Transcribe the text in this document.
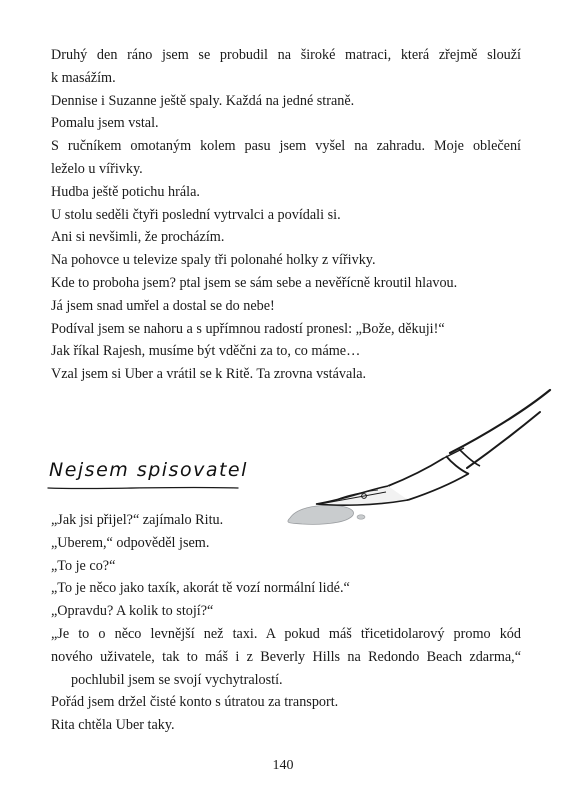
Druhý den ráno jsem se probudil na široké matraci, která zřejmě slouží

k masážím.

Dennise i Suzanne ještě spaly. Každá na jedné straně.

Pomalu jsem vstal.

S ručníkem omotaným kolem pasu jsem vyšel na zahradu. Moje oblečení

leželo u vířivky.

Hudba ještě potichu hrála.

U stolu seděli čtyři poslední vytrvalci a povídali si.

Ani si nevšimli, že procházím.

Na pohovce u televize spaly tři polonahé holky z vířivky.

Kde to proboha jsem? ptal jsem se sám sebe a nevěřícně kroutil hlavou.

Já jsem snad umřel a dostal se do nebe!

Podíval jsem se nahoru a s upřímnou radostí pronesl: „Bože, děkuji!“

Jak říkal Rajesh, musíme být vděčni za to, co máme…

Vzal jsem si Uber a vrátil se k Ritě. Ta zrovna vstávala.

Nejsem spisovatel

„Jak jsi přijel?“ zajímalo Ritu.

„Uberem,“ odpověděl jsem.

„To je co?“

„To je něco jako taxík, akorát tě vozí normální lidé.“

„Opravdu? A kolik to stojí?“

„Je to o něco levnější než taxi. A pokud máš třicetidolarový promo kód

nového uživatele, tak to máš i z Beverly Hills na Redondo Beach zdarma,“

pochlubil jsem se svojí vychytralostí.

Pořád jsem držel čisté konto s útratou za transport.

Rita chtěla Uber taky.

140
